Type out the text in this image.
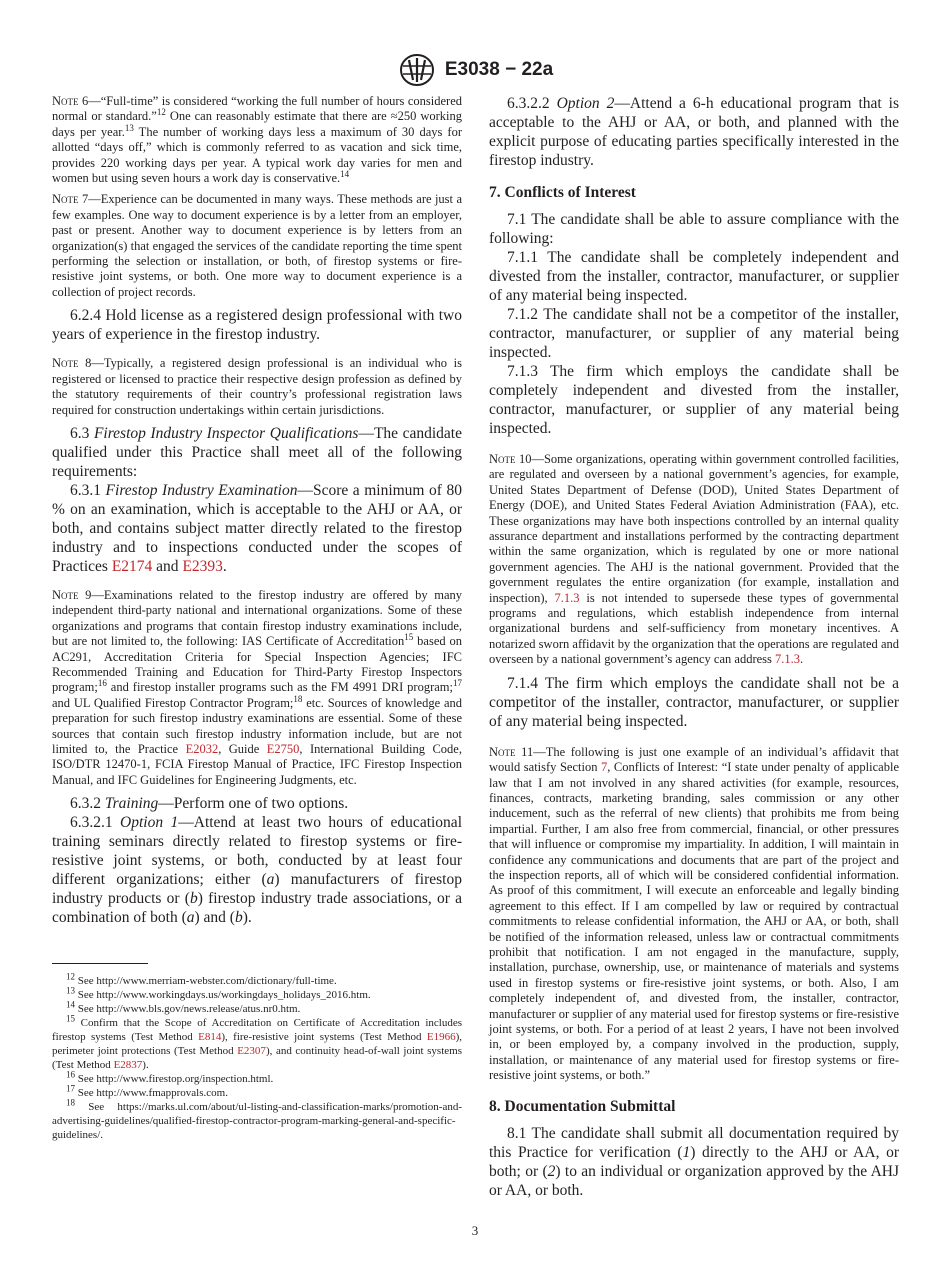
E3038 − 22a

Note 6—“Full-time” is considered “working the full number of hours considered normal or standard.”$^{12}$ One can reasonably estimate that there are ≈250 working days per year.$^{13}$ The number of working days less a maximum of 30 days for allotted “days off,” which is commonly referred to as vacation and sick time, provides 220 working days per year. A typical work day varies for men and women but using seven hours a work day is conservative.$^{14}$

Note 7—Experience can be documented in many ways. These methods are just a few examples. One way to document experience is by a letter from an employer, past or present. Another way to document experience is by letters from an organization(s) that engaged the services of the candidate reporting the time spent performing the selection or installation, or both, of firestop systems or fire-resistive joint systems, or both. One more way to document experience is a collection of project records.

6.2.4 Hold license as a registered design professional with two years of experience in the firestop industry.

Note 8—Typically, a registered design professional is an individual who is registered or licensed to practice their respective design profession as defined by the statutory requirements of their country’s professional registration laws required for construction undertakings within certain jurisdictions.

6.3 Firestop Industry Inspector Qualifications—The candidate qualified under this Practice shall meet all of the following requirements:

6.3.1 Firestop Industry Examination—Score a minimum of 80 % on an examination, which is acceptable to the AHJ or AA, or both, and contains subject matter directly related to the firestop industry and to inspections conducted under the scopes of Practices E2174 and E2393.

Note 9—Examinations related to the firestop industry are offered by many independent third-party national and international organizations. Some of these organizations and programs that contain firestop industry examinations include, but are not limited to, the following: IAS Certificate of Accreditation$^{15}$ based on AC291, Accreditation Criteria for Special Inspection Agencies; IFC Recommended Training and Education for Third-Party Firestop Inspectors program;$^{16}$ and firestop installer programs such as the FM 4991 DRI program;$^{17}$ and UL Qualified Firestop Contractor Program;$^{18}$ etc. Sources of knowledge and preparation for such firestop industry examinations are essential. Some of these sources that contain such firestop industry information include, but are not limited to, the Practice E2032, Guide E2750, International Building Code, ISO/DTR 12470-1, FCIA Firestop Manual of Practice, IFC Firestop Inspection Manual, and IFC Guidelines for Engineering Judgments, etc.

6.3.2 Training—Perform one of two options.

6.3.2.1 Option 1—Attend at least two hours of educational training seminars directly related to firestop systems or fire-resistive joint systems, or both, conducted by at least four different organizations; either (a) manufacturers of firestop industry products or (b) firestop industry trade associations, or a combination of both (a) and (b).

$^{12}$ See http://www.merriam-webster.com/dictionary/full-time.

$^{13}$ See http://www.workingdays.us/workingdays_holidays_2016.htm.

$^{14}$ See http://www.bls.gov/news.release/atus.nr0.htm.

$^{15}$ Confirm that the Scope of Accreditation on Certificate of Accreditation includes firestop systems (Test Method E814), fire-resistive joint systems (Test Method E1966), perimeter joint protections (Test Method E2307), and continuity head-of-wall joint systems (Test Method E2837).

$^{16}$ See http://www.firestop.org/inspection.html.

$^{17}$ See http://www.fmapprovals.com.

$^{18}$ See https://marks.ul.com/about/ul-listing-and-classification-marks/promotion-and-advertising-guidelines/qualified-firestop-contractor-program-marking-general-and-specific-guidelines/.

6.3.2.2 Option 2—Attend a 6-h educational program that is acceptable to the AHJ or AA, or both, and planned with the explicit purpose of educating parties specifically interested in the firestop industry.

7. Conflicts of Interest

7.1 The candidate shall be able to assure compliance with the following:

7.1.1 The candidate shall be completely independent and divested from the installer, contractor, manufacturer, or supplier of any material being inspected.

7.1.2 The candidate shall not be a competitor of the installer, contractor, manufacturer, or supplier of any material being inspected.

7.1.3 The firm which employs the candidate shall be completely independent and divested from the installer, contractor, manufacturer, or supplier of any material being inspected.

Note 10—Some organizations, operating within government controlled facilities, are regulated and overseen by a national government’s agencies, for example, United States Department of Defense (DOD), United States Department of Energy (DOE), and United States Federal Aviation Administration (FAA), etc. These organizations may have both inspections controlled by an internal quality assurance department and installations performed by the contracting department within the same organization, which is regulated by one or more national government agencies. The AHJ is the national government. Provided that the government regulates the entire organization (for example, installation and inspection), 7.1.3 is not intended to supersede these types of governmental programs and regulations, which establish independence from internal organizational burdens and self-sufficiency from monetary incentives. A notarized sworn affidavit by the organization that the operations are regulated and overseen by a national government’s agency can address 7.1.3.

7.1.4 The firm which employs the candidate shall not be a competitor of the installer, contractor, manufacturer, or supplier of any material being inspected.

Note 11—The following is just one example of an individual’s affidavit that would satisfy Section 7, Conflicts of Interest: “I state under penalty of applicable law that I am not involved in any shared activities (for example, resources, finances, contracts, marketing branding, sales commission or any other inducement, such as the referral of new clients) that prohibits me from being impartial. Further, I am also free from commercial, financial, or other pressures that will influence or compromise my impartiality. In addition, I will maintain in confidence any communications and documents that are part of the project and the inspection reports, all of which will be considered confidential information. As proof of this commitment, I will execute an enforceable and legally binding agreement to this effect. If I am compelled by law or required by contractual commitments to release confidential information, the AHJ or AA, or both, shall be notified of the information released, unless law or contractual commitments prohibit that notification. I am not engaged in the manufacture, supply, installation, purchase, ownership, use, or maintenance of materials and systems used in firestop systems or fire-resistive joint systems, or both. Also, I am completely independent of, and divested from, the installer, contractor, manufacturer or supplier of any material used for firestop systems or fire-resistive joint systems, or both. For a period of at least 2 years, I have not been involved in, or been employed by, a company involved in the production, supply, installation, or maintenance of any material used for firestop systems or fire-resistive joint systems, or both.”

8. Documentation Submittal

8.1 The candidate shall submit all documentation required by this Practice for verification (1) directly to the AHJ or AA, or both; or (2) to an individual or organization approved by the AHJ or AA, or both.

3
